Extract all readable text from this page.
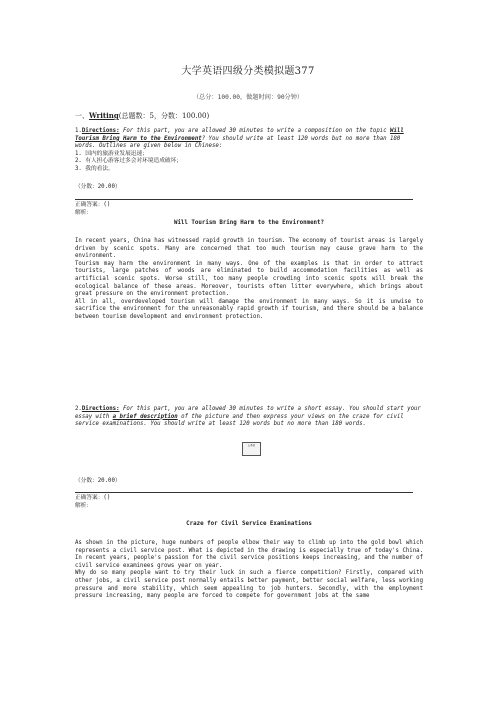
大学英语四级分类模拟题377
（总分：100.00，做题时间：90分钟）
一、Writing(总题数：5，分数：100.00)

1.Directions: For this part, you are allowed 30 minutes to write a composition on the topic Will Tourism Bring Harm to the Environment? You should write at least 120 words but no more than 180 words. Outlines are given below in Chinese:

1. 国内的旅游业发展迅速；

2. 有人担心游客过多会对环境造成破坏；

3. 我的看法。

（分数：20.00）
正确答案：()
解析：
Will Tourism Bring Harm to the Environment?

In recent years, China has witnessed rapid growth in tourism. The economy of tourist areas is largely driven by scenic spots. Many are concerned that too much tourism may cause grave harm to the environment.

Tourism may harm the environment in many ways. One of the examples is that in order to attract tourists, large patches of woods are eliminated to build accommodation facilities as well as artificial scenic spots. Worse still, too many people crowding into scenic spots will break the ecological balance of these areas. Moreover, tourists often litter everywhere, which brings about great pressure on the environment protection.

All in all, overdeveloped tourism will damage the environment in many ways. So it is unwise to sacrifice the environment for the unreasonably rapid growth if tourism, and there should be a balance between tourism development and environment protection.

2.Directions: For this part, you are allowed 30 minutes to write a short essay. You should start your essay with a brief description of the picture and then express your views on the craze for civil service examinations. You should write at least 120 words but no more than 180 words.

公务员
（分数：20.00）
正确答案：()
解析：
Craze for Civil Service Examinations

As shown in the picture, huge numbers of people elbow their way to climb up into the gold bowl which represents a civil service post. What is depicted in the drawing is especially true of today's China. In recent years, people's passion for the civil service positions keeps increasing, and the number of civil service examinees grows year on year.

Why do so many people want to try their luck in such a fierce competition? Firstly, compared with other jobs, a civil service post normally entails better payment, better social welfare, less working pressure and more stability, which seem appealing to job hunters. Secondly, with the employment pressure increasing, many people are forced to compete for government jobs at the same
